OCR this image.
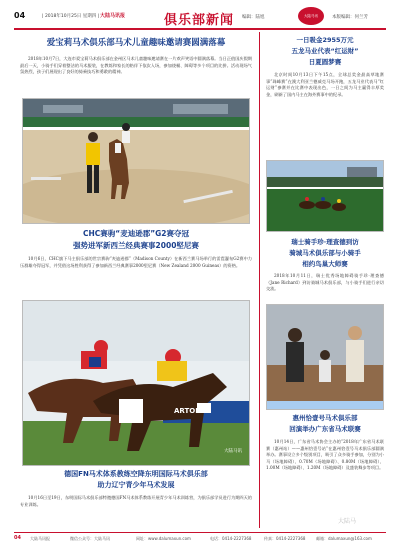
04	| 2018年10月25日 星期四 | 大陆马讯报	俱乐部新闻 编辑：陆旭	大陆马讯	本版编辑：何兰芳
爱宝莉马术俱乐部马术儿童趣味邀请赛圆满落幕
2018年10月7日，大连市爱宝莉马术俱乐部在金州区马术儿童趣味邀请赛在一片欢声笑语中圆满落幕。当日正值国庆假期最后一天，小骑手们穿着整洁的马术服装，在教练和家长的陪伴下依次入场，参加绕桶、障碍等多个项目的比拼。活动现场气氛热烈，孩子们展现出了良好的骑乘技巧和勇敢的精神。
CHC赛驹“麦迪逊郡”G2赛夺冠
强势进军新西兰经典赛事2000堅尼赛
10月6日，CHC旗下马主俱乐部的世宗赛驹“麦迪逊郡”（Madison County）在新西兰赛马场举行的雷霆瀑布G2赛中力压群雄夺得冠军，并凭借这场胜利获得了参加新西兰经典赛事2000堅尼赛（New Zealand 2000 Guineas）的资格。
大陆马讯
ARTOIS
德国FN马术体系教练空降东明国际马术俱乐部
助力辽宁青少年马术发展
10月16日至19日，东明国际马术俱乐部特邀德国FN马术体系教练开展青少年马术训练营，为俱乐部学员进行为期四天的专业训练。
一日吸金2955万元
五龙马业代表“红运财”
日夏圆梦赛
北京时间10月13日下午15点，全球总奖金最高草地赛事“珠峰赛”在澳大利亚兰德威克马场开跑，五龙马业代表马“红运财”参赛并在比赛中表现出色，一日之间为马主赢得丰厚奖金，刷新了国内马主在海外赛事中的纪录。
瑞士骑手珍·理查德到访
骑城马术俱乐部与小骑手
相约鸟巢大师赛
2018年10月11日，瑞士优秀场地障碍骑手珍·理查德（Jane Richard）到访骑城马术俱乐部，与小骑手们进行亲切交流。
惠州恰壹号马术俱乐部
回演举办广东省马术联赛
10月14日，广东省马术协会主办的“2018年广东省马术联赛（惠州站）——惠州恰壹号站”在惠州恰壹号马术俱乐部圆满举办。赛事设立多个级别项目，吸引了众多骑手参加，分别为小马（场地障碍）、0.70M（场地障碍）、0.80M（场地障碍）、1.00M（场地障碍）、1.20M（场地障碍）及盛装舞步等项目。
大陆马
04 大陆马讯报	微信公众号：大陆马讯	网址：www.dalumaxun.com	电话：0414-2227368	传真：0414-2227368	邮箱：dalumaxun@163.com
